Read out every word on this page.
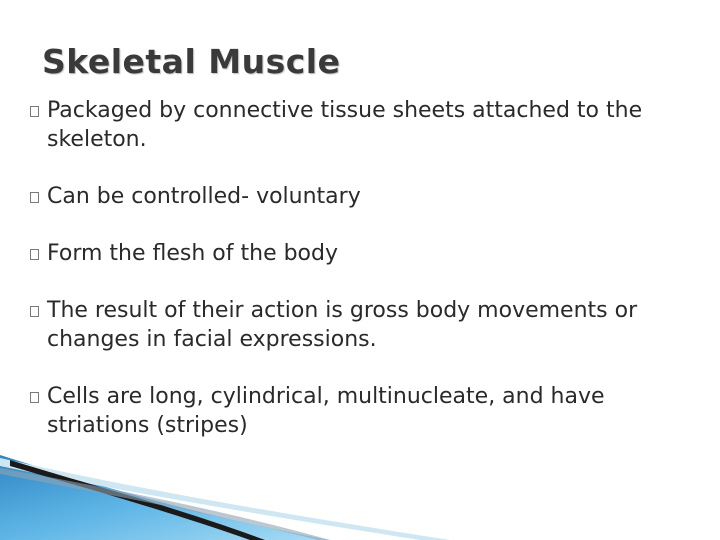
Skeletal Muscle
Packaged by connective tissue sheets attached to the skeleton.
Can be controlled- voluntary
Form the flesh of the body
The result of their action is gross body movements or changes in facial expressions.
Cells are long, cylindrical, multinucleate, and have striations (stripes)
